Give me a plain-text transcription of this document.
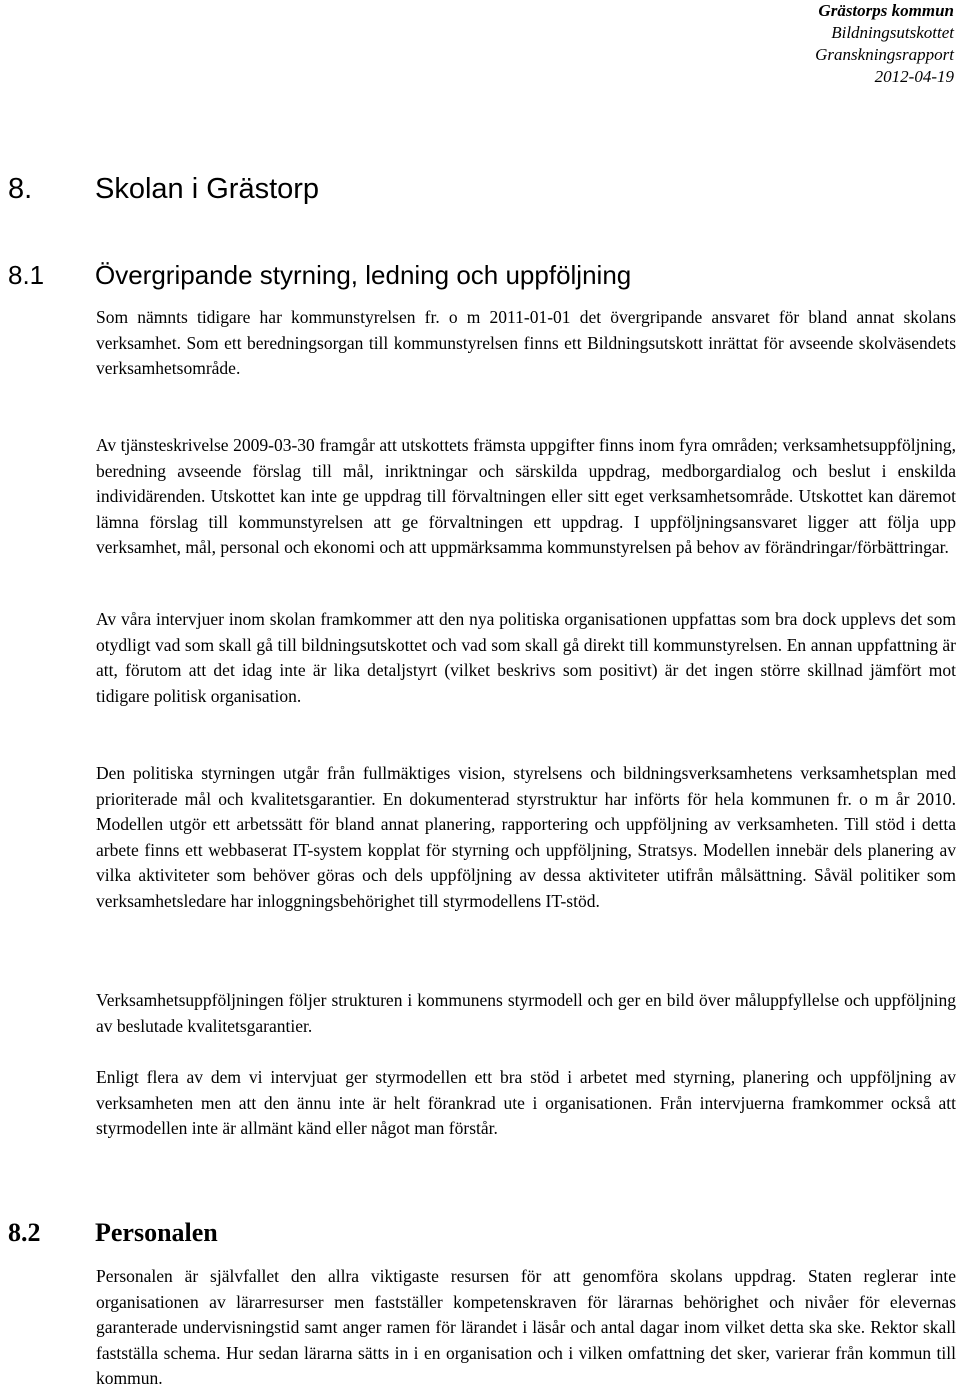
Grästorps kommun
Bildningsutskottet
Granskningsrapport
2012-04-19
8. Skolan i Grästorp
8.1 Övergripande styrning, ledning och uppföljning

Som nämnts tidigare har kommunstyrelsen fr. o m 2011-01-01 det övergripande ansvaret för bland annat skolans verksamhet. Som ett beredningsorgan till kommunstyrelsen finns ett Bildningsutskott inrättat för avseende skolväsendets verksamhetsområde.

Av tjänsteskrivelse 2009-03-30 framgår att utskottets främsta uppgifter finns inom fyra områden; verksamhetsuppföljning, beredning avseende förslag till mål, inriktningar och särskilda uppdrag, medborgardialog och beslut i enskilda individärenden. Utskottet kan inte ge uppdrag till förvaltningen eller sitt eget verksamhetsområde. Utskottet kan däremot lämna förslag till kommunstyrelsen att ge förvaltningen ett uppdrag. I uppföljningsansvaret ligger att följa upp verksamhet, mål, personal och ekonomi och att uppmärksamma kommunstyrelsen på behov av förändringar/förbättringar.

Av våra intervjuer inom skolan framkommer att den nya politiska organisationen uppfattas som bra dock upplevs det som otydligt vad som skall gå till bildningsutskottet och vad som skall gå direkt till kommunstyrelsen. En annan uppfattning är att, förutom att det idag inte är lika detaljstyrt (vilket beskrivs som positivt) är det ingen större skillnad jämfört mot tidigare politisk organisation.

Den politiska styrningen utgår från fullmäktiges vision, styrelsens och bildningsverksamhetens verksamhetsplan med prioriterade mål och kvalitetsgarantier. En dokumenterad styrstruktur har införts för hela kommunen fr. o m år 2010. Modellen utgör ett arbetssätt för bland annat planering, rapportering och uppföljning av verksamheten. Till stöd i detta arbete finns ett webbaserat IT-system kopplat för styrning och uppföljning, Stratsys. Modellen innebär dels planering av vilka aktiviteter som behöver göras och dels uppföljning av dessa aktiviteter utifrån målsättning. Såväl politiker som verksamhetsledare har inloggningsbehörighet till styrmodellens IT-stöd.

Verksamhetsuppföljningen följer strukturen i kommunens styrmodell och ger en bild över måluppfyllelse och uppföljning av beslutade kvalitetsgarantier.

Enligt flera av dem vi intervjuat ger styrmodellen ett bra stöd i arbetet med styrning, planering och uppföljning av verksamheten men att den ännu inte är helt förankrad ute i organisationen. Från intervjuerna framkommer också att styrmodellen inte är allmänt känd eller något man förstår.

8.2 Personalen

Personalen är självfallet den allra viktigaste resursen för att genomföra skolans uppdrag. Staten reglerar inte organisationen av lärarresurser men fastställer kompetenskraven för lärarnas behörighet och nivåer för elevernas garanterade undervisningstid samt anger ramen för lärandet i läsår och antal dagar inom vilket detta ska ske. Rektor skall fastställa schema. Hur sedan lärarna sätts in i en organisation och i vilken omfattning det sker, varierar från kommun till kommun.
